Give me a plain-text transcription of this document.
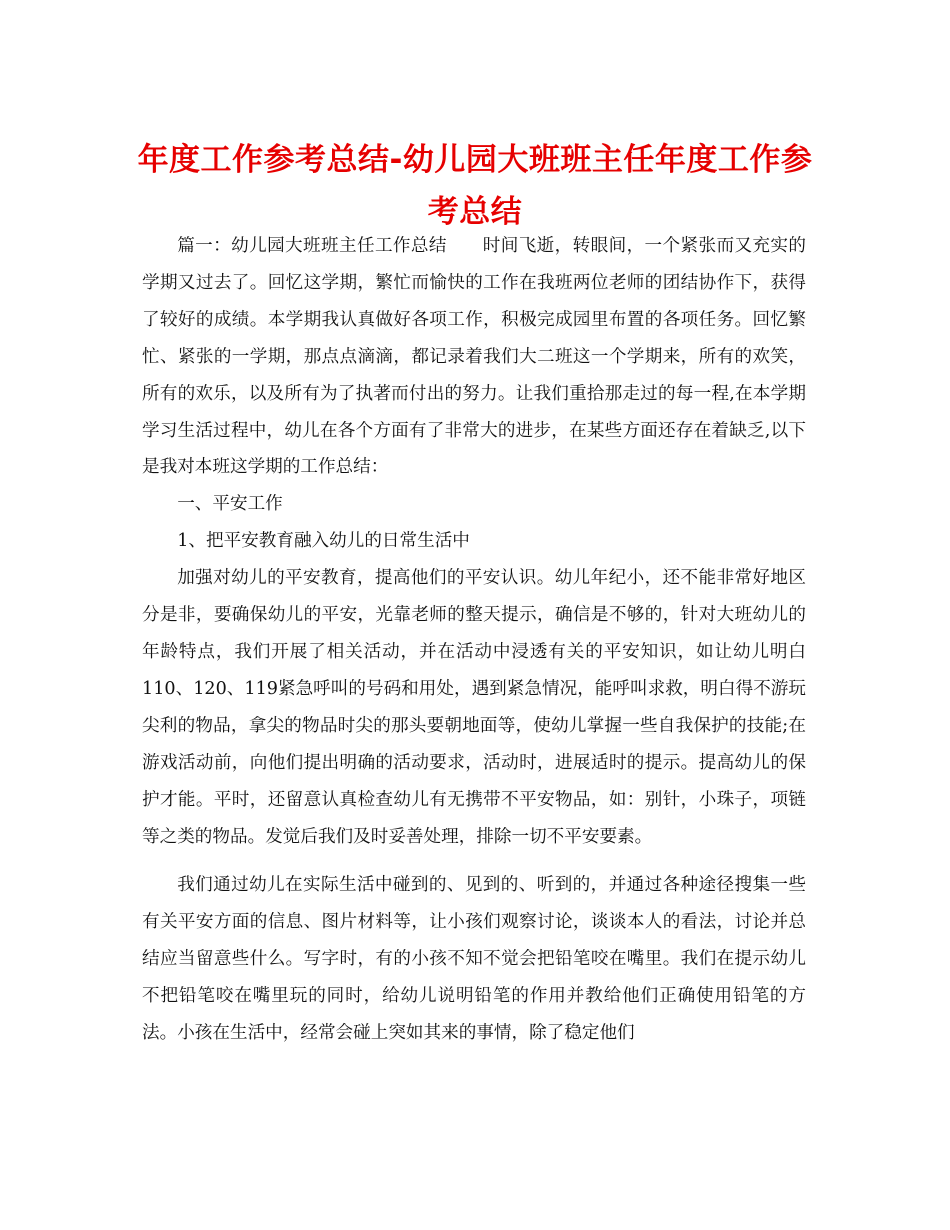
年度工作参考总结-幼儿园大班班主任年度工作参考总结

篇一：幼儿园大班班主任工作总结 时间飞逝，转眼间，一个紧张而又充实的学期又过去了。回忆这学期，繁忙而愉快的工作在我班两位老师的团结协作下，获得了较好的成绩。本学期我认真做好各项工作，积极完成园里布置的各项任务。回忆繁忙、紧张的一学期，那点点滴滴，都记录着我们大二班这一个学期来，所有的欢笑，所有的欢乐，以及所有为了执著而付出的努力。让我们重拾那走过的每一程,在本学期学习生活过程中，幼儿在各个方面有了非常大的进步，在某些方面还存在着缺乏,以下是我对本班这学期的工作总结：

一、平安工作

1、把平安教育融入幼儿的日常生活中

加强对幼儿的平安教育，提高他们的平安认识。幼儿年纪小，还不能非常好地区分是非，要确保幼儿的平安，光靠老师的整天提示，确信是不够的，针对大班幼儿的年龄特点，我们开展了相关活动，并在活动中浸透有关的平安知识，如让幼儿明白110、120、119紧急呼叫的号码和用处，遇到紧急情况，能呼叫求救，明白得不游玩尖利的物品，拿尖的物品时尖的那头要朝地面等，使幼儿掌握一些自我保护的技能;在游戏活动前，向他们提出明确的活动要求，活动时，进展适时的提示。提高幼儿的保护才能。平时，还留意认真检查幼儿有无携带不平安物品，如：别针，小珠子，项链等之类的物品。发觉后我们及时妥善处理，排除一切不平安要素。

我们通过幼儿在实际生活中碰到的、见到的、听到的，并通过各种途径搜集一些有关平安方面的信息、图片材料等，让小孩们观察讨论，谈谈本人的看法，讨论并总结应当留意些什么。写字时，有的小孩不知不觉会把铅笔咬在嘴里。我们在提示幼儿不把铅笔咬在嘴里玩的同时，给幼儿说明铅笔的作用并教给他们正确使用铅笔的方法。小孩在生活中，经常会碰上突如其来的事情，除了稳定他们
